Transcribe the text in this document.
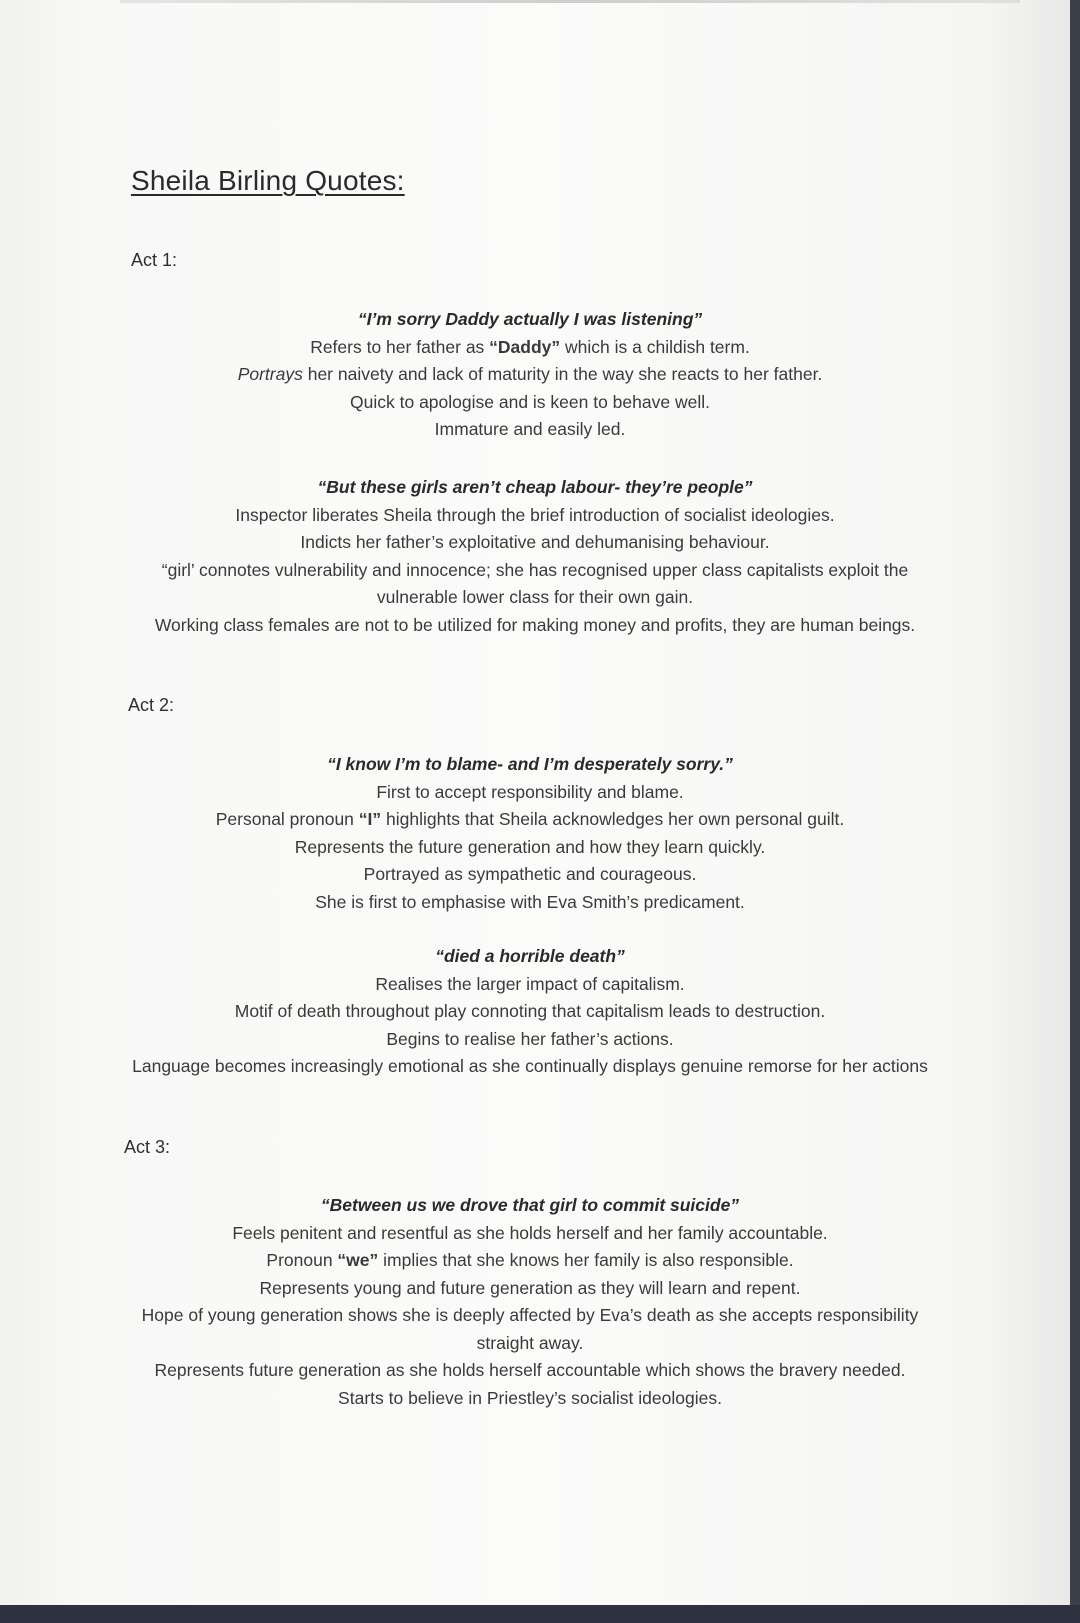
Sheila Birling Quotes:
Act 1:

“I’m sorry Daddy actually I was listening”

Refers to her father as “Daddy” which is a childish term.

Portrays her naivety and lack of maturity in the way she reacts to her father.

Quick to apologise and is keen to behave well.

Immature and easily led.

“But these girls aren’t cheap labour- they’re people”

Inspector liberates Sheila through the brief introduction of socialist ideologies.

Indicts her father’s exploitative and dehumanising behaviour.

“girl’ connotes vulnerability and innocence; she has recognised upper class capitalists exploit the vulnerable lower class for their own gain.

Working class females are not to be utilized for making money and profits, they are human beings.

Act 2:

“I know I’m to blame- and I’m desperately sorry.”

First to accept responsibility and blame.

Personal pronoun “I” highlights that Sheila acknowledges her own personal guilt.

Represents the future generation and how they learn quickly.

Portrayed as sympathetic and courageous.

She is first to emphasise with Eva Smith’s predicament.

“died a horrible death”

Realises the larger impact of capitalism.

Motif of death throughout play connoting that capitalism leads to destruction.

Begins to realise her father’s actions.

Language becomes increasingly emotional as she continually displays genuine remorse for her actions

Act 3:

“Between us we drove that girl to commit suicide”

Feels penitent and resentful as she holds herself and her family accountable.

Pronoun “we” implies that she knows her family is also responsible.

Represents young and future generation as they will learn and repent.

Hope of young generation shows she is deeply affected by Eva’s death as she accepts responsibility straight away.

Represents future generation as she holds herself accountable which shows the bravery needed.

Starts to believe in Priestley’s socialist ideologies.
